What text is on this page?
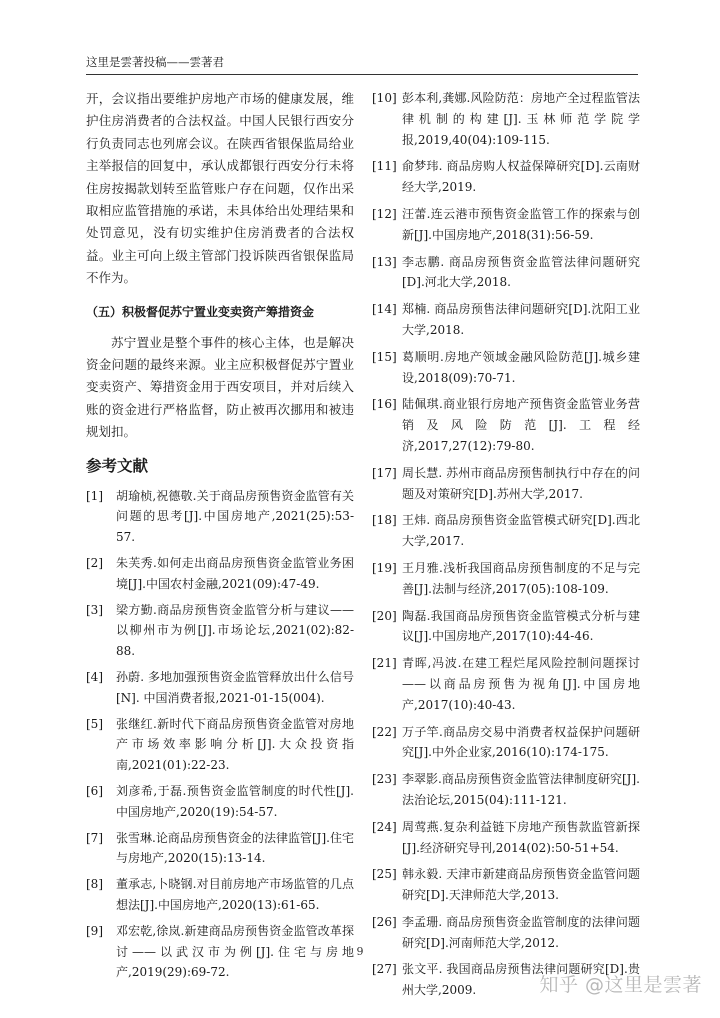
这里是雲著投稿——雲著君

开，会议指出要维护房地产市场的健康发展，维护住房消费者的合法权益。中国人民银行西安分行负责同志也列席会议。在陕西省银保监局给业主举报信的回复中，承认成都银行西安分行未将住房按揭款划转至监管账户存在问题，仅作出采取相应监管措施的承诺，未具体给出处理结果和处罚意见，没有切实维护住房消费者的合法权益。业主可向上级主管部门投诉陕西省银保监局不作为。

（五）积极督促苏宁置业变卖资产筹措资金

苏宁置业是整个事件的核心主体，也是解决资金问题的最终来源。业主应积极督促苏宁置业变卖资产、筹措资金用于西安项目，并对后续入账的资金进行严格监督，防止被再次挪用和被违规划扣。

参考文献
[1]	胡瑜桢,祝德敬.关于商品房预售资金监管有关问题的思考[J].中国房地产,2021(25):53-57.
[2]	朱芙秀.如何走出商品房预售资金监管业务困境[J].中国农村金融,2021(09):47-49.
[3]	梁方勤.商品房预售资金监管分析与建议——以柳州市为例[J].市场论坛,2021(02):82-88.
[4]	孙蔚. 多地加强预售资金监管释放出什么信号[N]. 中国消费者报,2021-01-15(004).
[5]	张继红.新时代下商品房预售资金监管对房地产市场效率影响分析[J].大众投资指南,2021(01):22-23.
[6]	刘彦希,于磊.预售资金监管制度的时代性[J].中国房地产,2020(19):54-57.
[7]	张雪琳.论商品房预售资金的法律监管[J].住宅与房地产,2020(15):13-14.
[8]	董承志,卜晓钢.对目前房地产市场监管的几点想法[J].中国房地产,2020(13):61-65.
[9]	邓宏乾,徐岚.新建商品房预售资金监管改革探讨——以武汉市为例[J].住宅与房地产,2019(29):69-72.
[10] 彭本利,龚娜.风险防范：房地产全过程监管法律机制的构建[J].玉林师范学院学报,2019,40(04):109-115.
[11] 俞梦玮. 商品房购人权益保障研究[D].云南财经大学,2019.
[12] 汪蕾.连云港市预售资金监管工作的探索与创新[J].中国房地产,2018(31):56-59.
[13] 李志鹏. 商品房预售资金监管法律问题研究[D].河北大学,2018.
[14] 郑楠. 商品房预售法律问题研究[D].沈阳工业大学,2018.
[15] 葛顺明.房地产领域金融风险防范[J].城乡建设,2018(09):70-71.
[16] 陆佩琪.商业银行房地产预售资金监管业务营销及风险防范[J].工程经济,2017,27(12):79-80.
[17] 周长慧. 苏州市商品房预售制执行中存在的问题及对策研究[D].苏州大学,2017.
[18] 王炜. 商品房预售资金监管模式研究[D].西北大学,2017.
[19] 王月雅.浅析我国商品房预售制度的不足与完善[J].法制与经济,2017(05):108-109.
[20] 陶磊.我国商品房预售资金监管模式分析与建议[J].中国房地产,2017(10):44-46.
[21] 青晖,冯波.在建工程烂尾风险控制问题探讨——以商品房预售为视角[J].中国房地产,2017(10):40-43.
[22] 万子竿.商品房交易中消费者权益保护问题研究[J].中外企业家,2016(10):174-175.
[23] 李翠影.商品房预售资金监管法律制度研究[J].法治论坛,2015(04):111-121.
[24] 周莺燕.复杂利益链下房地产预售款监管新探[J].经济研究导刊,2014(02):50-51+54.
[25] 韩永毅. 天津市新建商品房预售资金监管问题研究[D].天津师范大学,2013.
[26] 李孟珊. 商品房预售资金监管制度的法律问题研究[D].河南师范大学,2012.
[27] 张文平. 我国商品房预售法律问题研究[D].贵州大学,2009.
9
知乎 @这里是雲著
